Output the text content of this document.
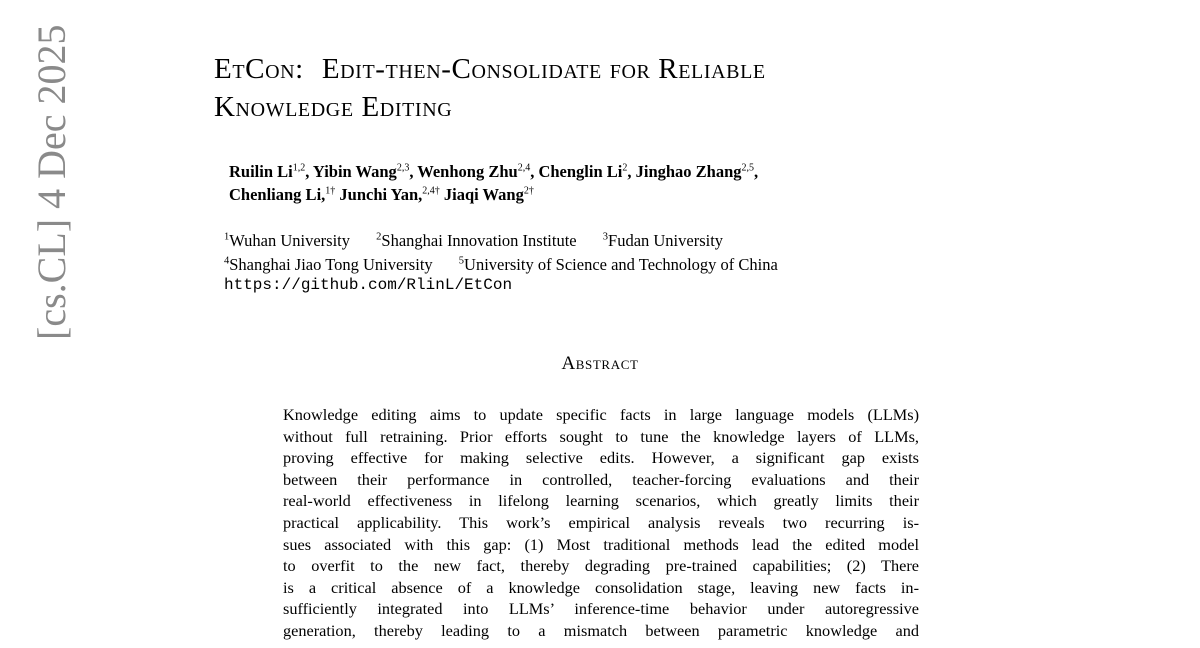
[cs.CL] 4 Dec 2025	EtCon: Edit-then-Consolidate for Reliable
Knowledge Editing
Ruilin Li$^{1,2}$, Yibin Wang$^{2,3}$, Wenhong Zhu$^{2,4}$, Chenglin Li$^2$, Jinghao Zhang$^{2,5}$,
Chenliang Li,$^{1\dagger}$ Junchi Yan,$^{2,4\dagger}$ Jiaqi Wang$^{2\dagger}$
$^1$Wuhan University $^2$Shanghai Innovation Institute $^3$Fudan University
$^4$Shanghai Jiao Tong University $^5$University of Science and Technology of China
https://github.com/RlinL/EtCon
Abstract
Knowledge editing aims to update specific facts in large language models (LLMs)
without full retraining. Prior efforts sought to tune the knowledge layers of LLMs,
proving effective for making selective edits. However, a significant gap exists
between their performance in controlled, teacher-forcing evaluations and their
real-world effectiveness in lifelong learning scenarios, which greatly limits their
practical applicability. This work’s empirical analysis reveals two recurring is-
sues associated with this gap: (1) Most traditional methods lead the edited model
to overfit to the new fact, thereby degrading pre-trained capabilities; (2) There
is a critical absence of a knowledge consolidation stage, leaving new facts in-
sufficiently integrated into LLMs’ inference-time behavior under autoregressive
generation, thereby leading to a mismatch between parametric knowledge and
